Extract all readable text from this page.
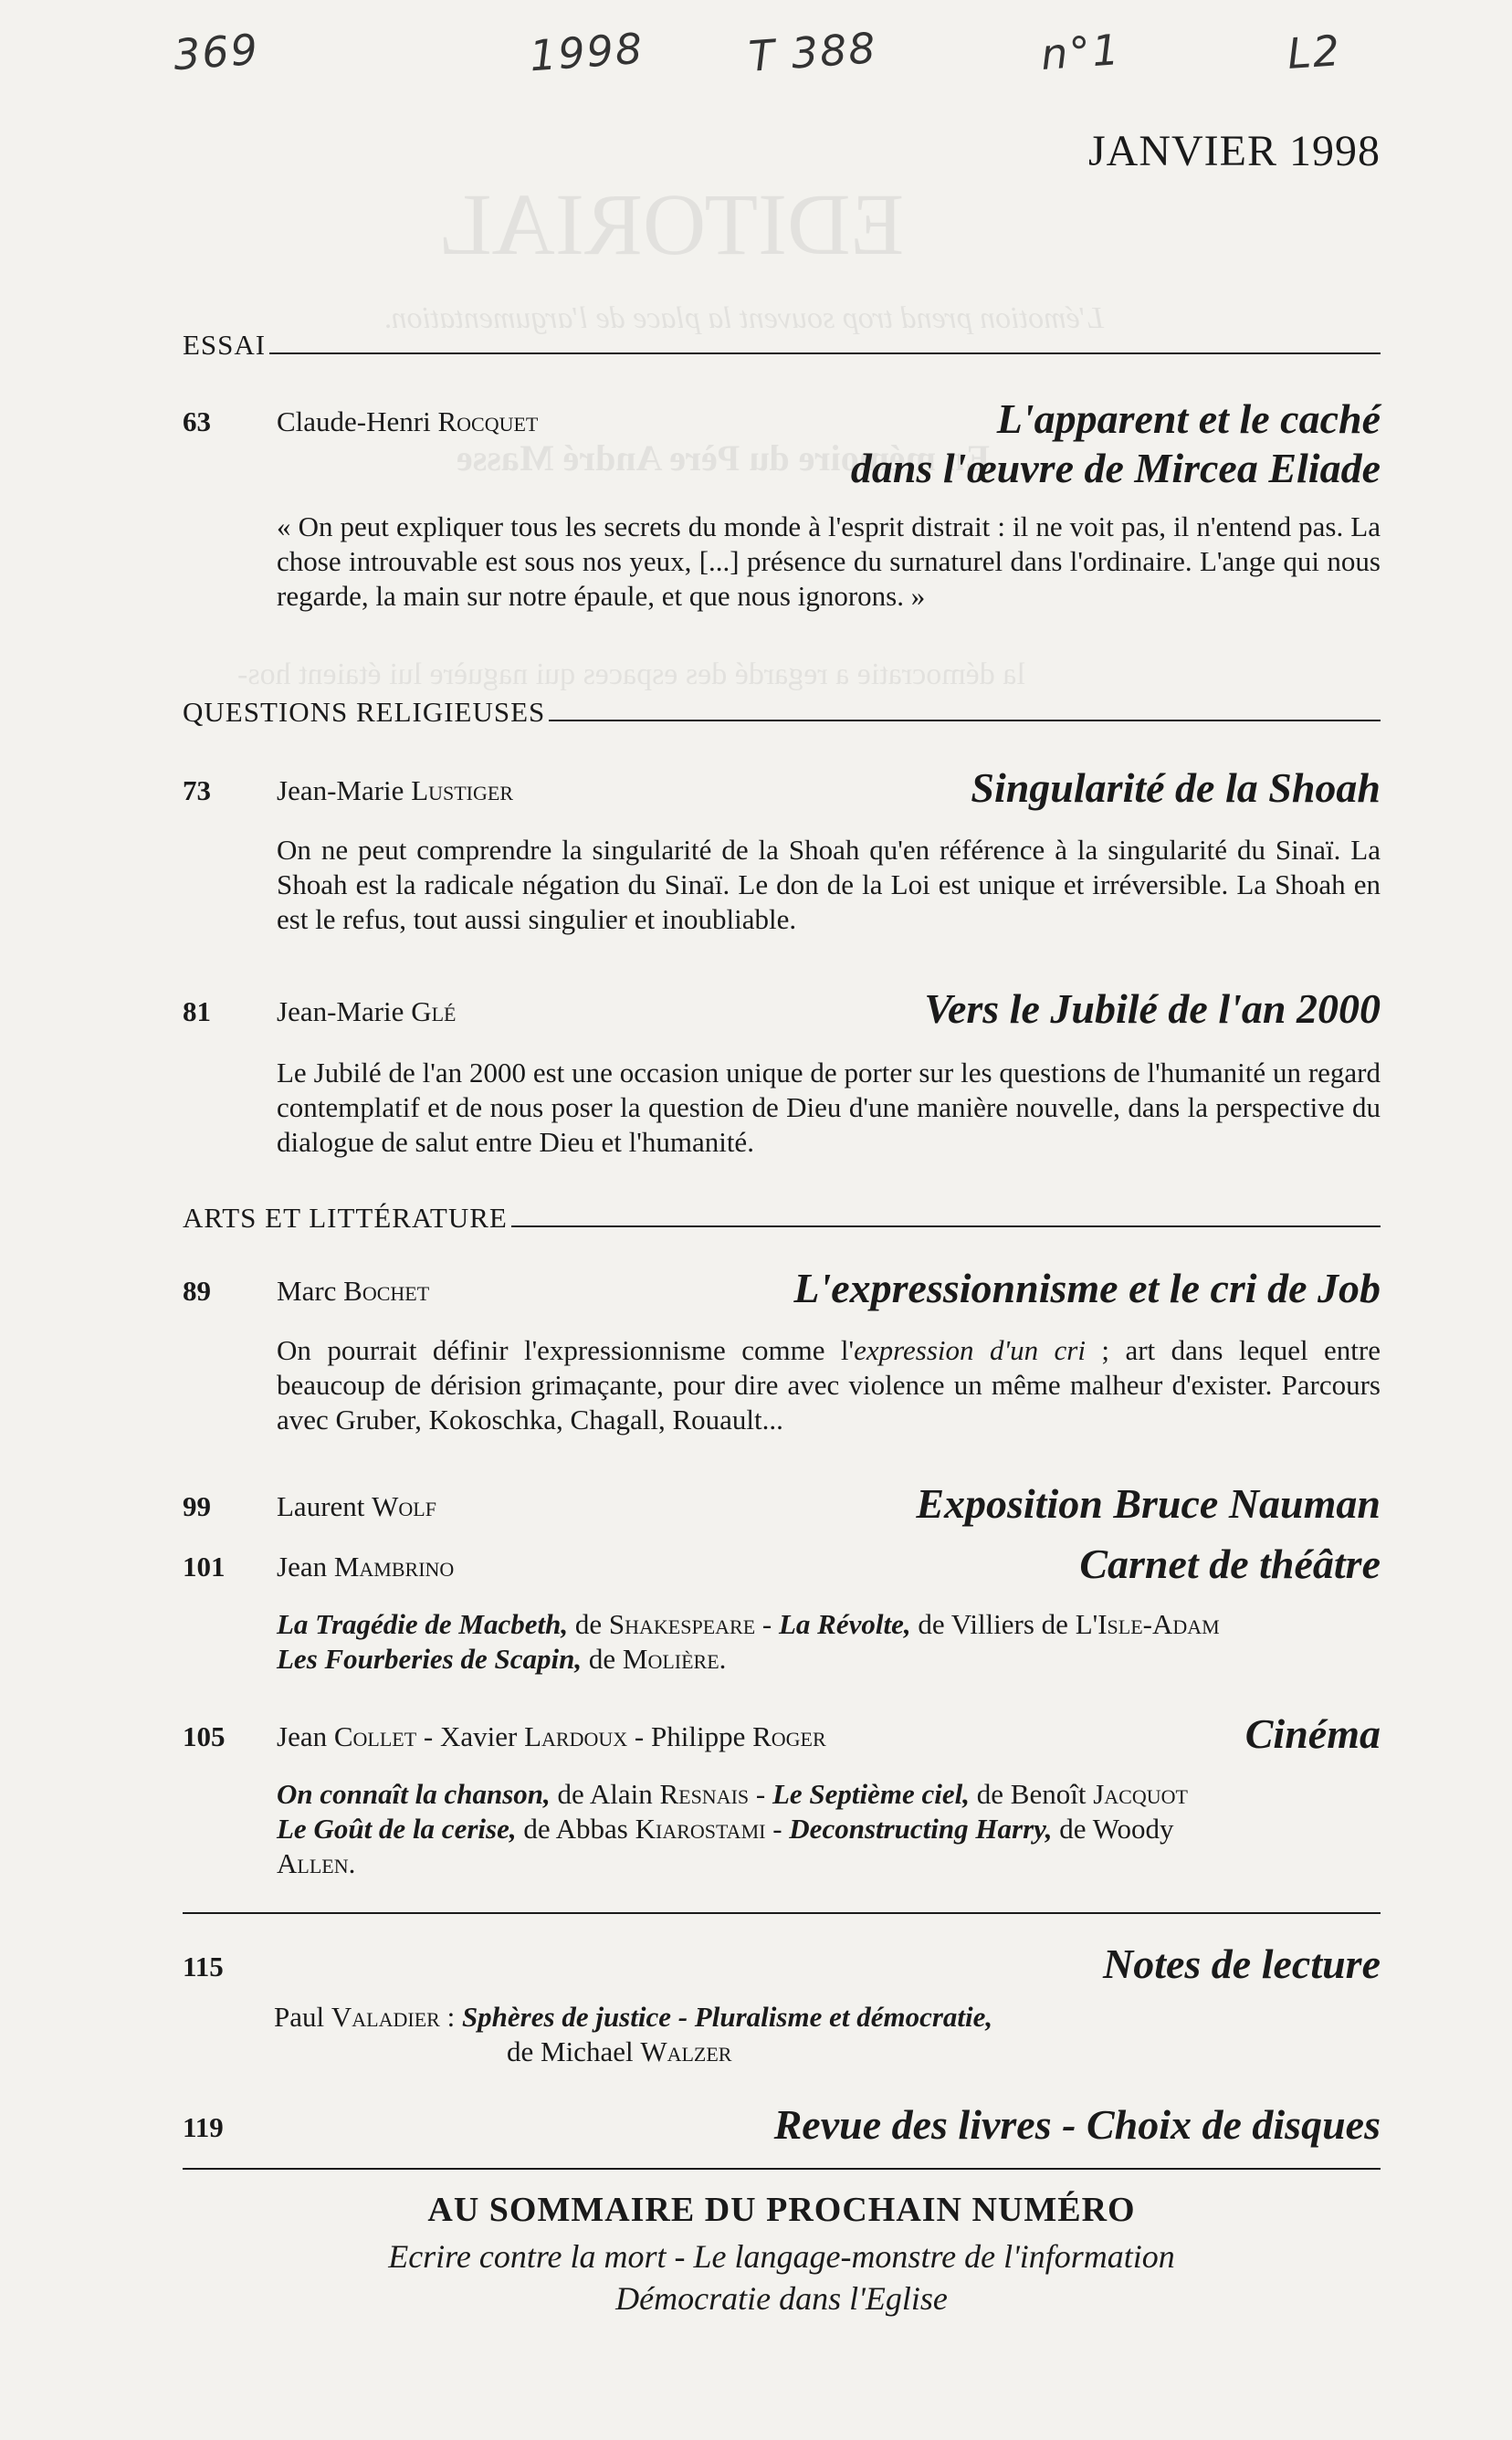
369	1998 T 388	n°1	L2
EDITORIAL
L'émotion prend trop souvent la place de l'argumentation.
En mémoire du Père André Masse
la démocratie a regardé des espaces qui naguère lui étaient hos-
JANVIER 1998
ESSAI
63 Claude-Henri Rocquet	L'apparent et le caché
dans l'œuvre de Mircea Eliade
« On peut expliquer tous les secrets du monde à l'esprit distrait : il ne voit pas, il n'entend pas. La chose introuvable est sous nos yeux, [...] présence du surnaturel dans l'ordinaire. L'ange qui nous regarde, la main sur notre épaule, et que nous ignorons. »
QUESTIONS RELIGIEUSES
73 Jean-Marie Lustiger	Singularité de la Shoah
On ne peut comprendre la singularité de la Shoah qu'en référence à la singularité du Sinaï. La Shoah est la radicale négation du Sinaï. Le don de la Loi est unique et irréversible. La Shoah en est le refus, tout aussi singulier et inoubliable.
81 Jean-Marie Glé	Vers le Jubilé de l'an 2000
Le Jubilé de l'an 2000 est une occasion unique de porter sur les questions de l'humanité un regard contemplatif et de nous poser la question de Dieu d'une manière nouvelle, dans la perspective du dialogue de salut entre Dieu et l'humanité.
ARTS ET LITTÉRATURE
89 Marc Bochet	L'expressionnisme et le cri de Job
On pourrait définir l'expressionnisme comme l'expression d'un cri ; art dans lequel entre beaucoup de dérision grimaçante, pour dire avec violence un même malheur d'exister. Parcours avec Gruber, Kokoschka, Chagall, Rouault...
99 Laurent Wolf	Exposition Bruce Nauman
101 Jean Mambrino	Carnet de théâtre
La Tragédie de Macbeth, de Shakespeare - La Révolte, de Villiers de L'Isle-Adam
Les Fourberies de Scapin, de Molière.
105 Jean Collet - Xavier Lardoux - Philippe Roger	Cinéma
On connaît la chanson, de Alain Resnais - Le Septième ciel, de Benoît Jacquot
Le Goût de la cerise, de Abbas Kiarostami - Deconstructing Harry, de Woody
Allen.
115	Notes de lecture
Paul Valadier : Sphères de justice - Pluralisme et démocratie,
de Michael Walzer
119	Revue des livres - Choix de disques
AU SOMMAIRE DU PROCHAIN NUMÉRO
Ecrire contre la mort - Le langage-monstre de l'information
Démocratie dans l'Eglise
